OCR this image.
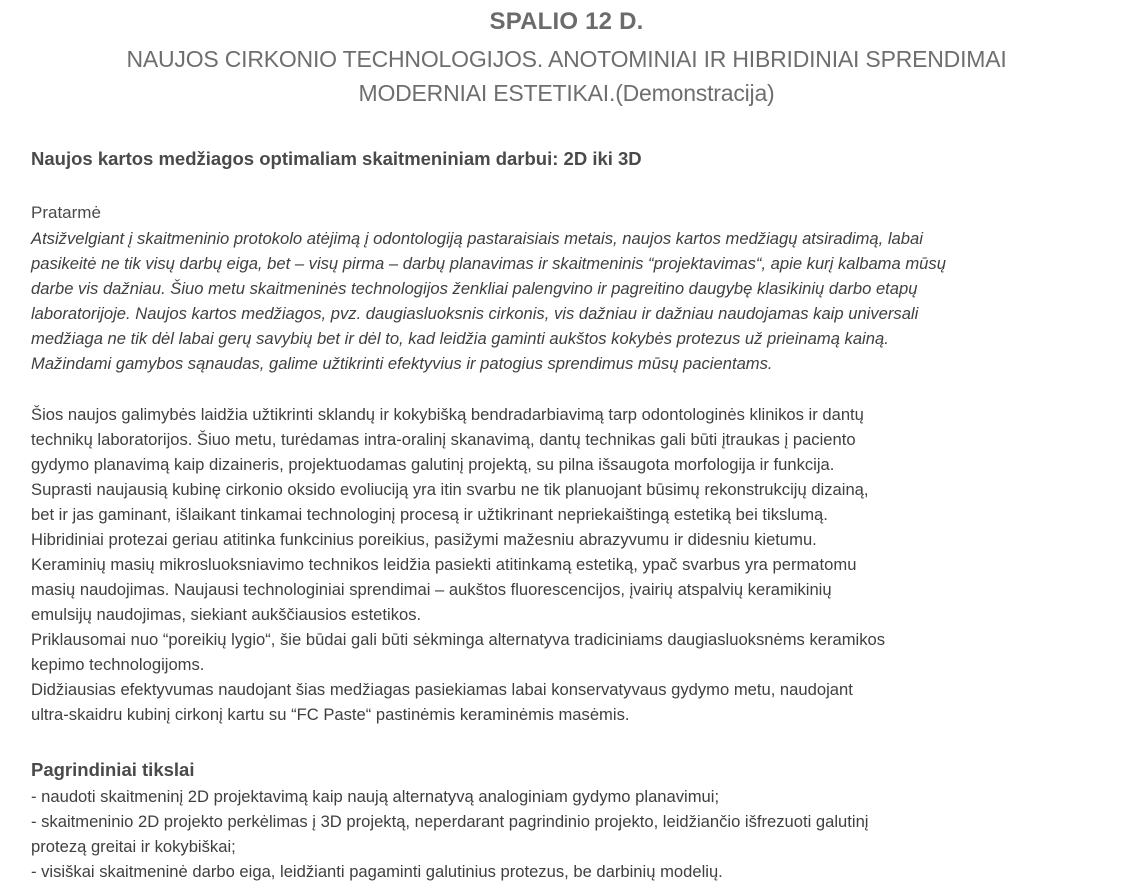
SPALIO 12 D.
NAUJOS CIRKONIO TECHNOLOGIJOS. ANOTOMINIAI IR HIBRIDINIAI SPRENDIMAI
MODERNIAI ESTETIKAI.(Demonstracija)
Naujos kartos medžiagos optimaliam skaitmeniniam darbui: 2D iki 3D
Pratarmė
Atsižvelgiant į skaitmeninio protokolo atėjimą į odontologiją pastaraisiais metais, naujos kartos medžiagų atsiradimą, labai
pasikeitė ne tik visų darbų eiga, bet – visų pirma – darbų planavimas ir skaitmeninis “projektavimas“, apie kurį kalbama mūsų
darbe vis dažniau. Šiuo metu skaitmeninės technologijos ženkliai palengvino ir pagreitino daugybę klasikinių darbo etapų
laboratorijoje. Naujos kartos medžiagos, pvz. daugiasluoksnis cirkonis, vis dažniau ir dažniau naudojamas kaip universali
medžiaga ne tik dėl labai gerų savybių bet ir dėl to, kad leidžia gaminti aukštos kokybės protezus už prieinamą kainą.
Mažindami gamybos sąnaudas, galime užtikrinti efektyvius ir patogius sprendimus mūsų pacientams.
Šios naujos galimybės laidžia užtikrinti sklandų ir kokybišką bendradarbiavimą tarp odontologinės klinikos ir dantų
technikų laboratorijos. Šiuo metu, turėdamas intra-oralinį skanavimą, dantų technikas gali būti įtraukas į paciento
gydymo planavimą kaip dizaineris, projektuodamas galutinį projektą, su pilna išsaugota morfologija ir funkcija.
Suprasti naujausią kubinę cirkonio oksido evoliuciją yra itin svarbu ne tik planuojant būsimų rekonstrukcijų dizainą,
bet ir jas gaminant, išlaikant tinkamai technologinį procesą ir užtikrinant nepriekaištingą estetiką bei tikslumą.
Hibridiniai protezai geriau atitinka funkcinius poreikius, pasižymi mažesniu abrazyvumu ir didesniu kietumu.
Keraminių masių mikrosluoksniavimo technikos leidžia pasiekti atitinkamą estetiką, ypač svarbus yra permatomu
masių naudojimas. Naujausi technologiniai sprendimai – aukštos fluorescencijos, įvairių atspalvių keramikinių
emulsijų naudojimas, siekiant aukščiausios estetikos.
Priklausomai nuo “poreikių lygio“, šie būdai gali būti sėkminga alternatyva tradiciniams daugiasluoksnėms keramikos
kepimo technologijoms.
Didžiausias efektyvumas naudojant šias medžiagas pasiekiamas labai konservatyvaus gydymo metu, naudojant
ultra-skaidru kubinį cirkonį kartu su “FC Paste“ pastinėmis keraminėmis masėmis.
Pagrindiniai tikslai
- naudoti skaitmeninį 2D projektavimą kaip naują alternatyvą analoginiam gydymo planavimui;
- skaitmeninio 2D projekto perkėlimas į 3D projektą, neperdarant pagrindinio projekto, leidžiančio išfrezuoti galutinį
protezą greitai ir kokybiškai;
- visiškai skaitmeninė darbo eiga, leidžianti pagaminti galutinius protezus, be darbinių modelių.
